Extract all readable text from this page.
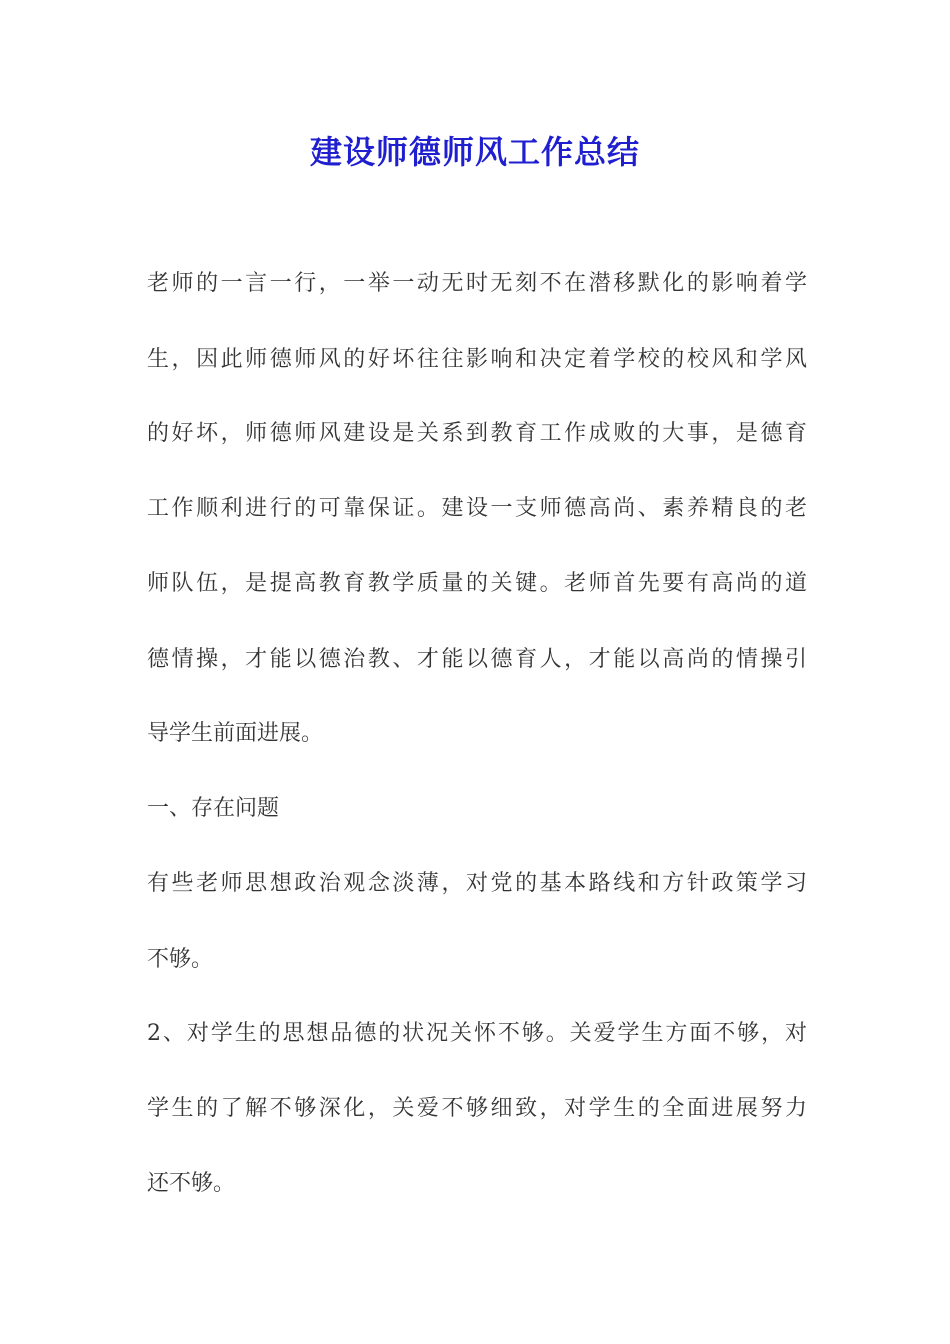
建设师德师风工作总结
老师的一言一行，一举一动无时无刻不在潜移默化的影响着学
生，因此师德师风的好坏往往影响和决定着学校的校风和学风
的好坏，师德师风建设是关系到教育工作成败的大事，是德育
工作顺利进行的可靠保证。建设一支师德高尚、素养精良的老
师队伍，是提高教育教学质量的关键。老师首先要有高尚的道
德情操，才能以德治教、才能以德育人，才能以高尚的情操引
导学生前面进展。
一、存在问题
有些老师思想政治观念淡薄，对党的基本路线和方针政策学习
不够。
2、对学生的思想品德的状况关怀不够。关爱学生方面不够，对
学生的了解不够深化，关爱不够细致，对学生的全面进展努力
还不够。
